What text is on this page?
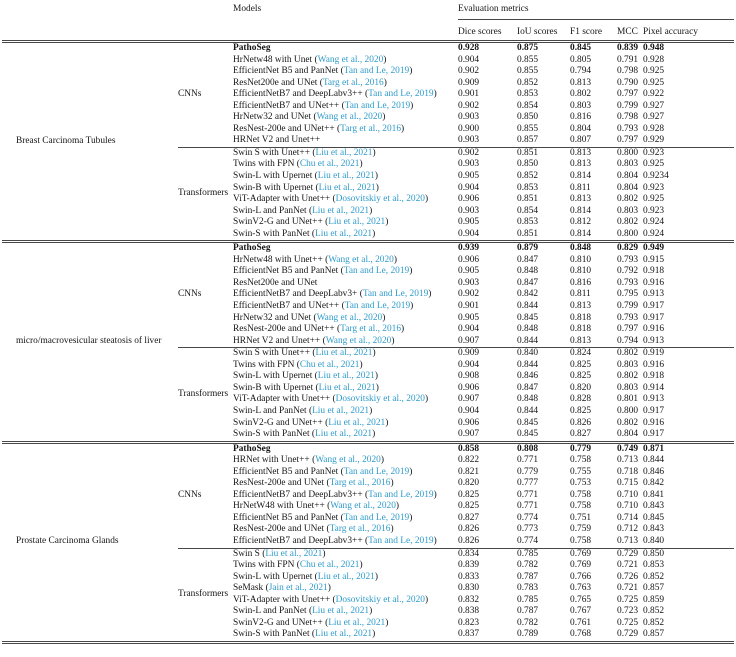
		Models	Evaluation metrics				
			Dice scores	IoU scores	F1 score	MCC	Pixel accuracy
Breast Carcinoma Tubules	CNNs	PathoSeg	0.928	0.875	0.845	0.839	0.948
		HrNetw48 with Unet (Wang et al., 2020)	0.904	0.855	0.805	0.791	0.928
		EfficientNet B5 and PanNet (Tan and Le, 2019)	0.902	0.855	0.794	0.798	0.925
		ResNet200e and UNet (Targ et al., 2016)	0.909	0.852	0.813	0.790	0.925
		EfficientNetB7 and DeepLabv3++ (Tan and Le, 2019)	0.901	0.853	0.802	0.797	0.922
		EfficientNetB7 and UNet++ (Tan and Le, 2019)	0.902	0.854	0.803	0.799	0.927
		HrNetw32 and UNet (Wang et al., 2020)	0.903	0.850	0.816	0.798	0.927
		ResNest-200e and UNet++ (Targ et al., 2016)	0.900	0.855	0.804	0.793	0.928
		HRNet V2 and Unet++	0.903	0.857	0.807	0.797	0.929
	Transformers	Swin S with Unet++ (Liu et al., 2021)	0.902	0.851	0.813	0.800	0.923
		Twins with FPN (Chu et al., 2021)	0.903	0.850	0.813	0.803	0.925
		Swin-L with Upernet (Liu et al., 2021)	0.905	0.852	0.814	0.804	0.9234
		Swin-B with Upernet (Liu et al., 2021)	0.904	0.853	0.811	0.804	0.923
		ViT-Adapter with Unet++ (Dosovitskiy et al., 2020)	0.906	0.851	0.813	0.802	0.925
		Swin-L and PanNet (Liu et al., 2021)	0.903	0.854	0.814	0.803	0.923
		SwinV2-G and UNet++ (Liu et al., 2021)	0.905	0.853	0.812	0.802	0.924
		Swin-S with PanNet (Liu et al., 2021)	0.904	0.851	0.814	0.800	0.924
micro/macrovesicular steatosis of liver	CNNs	PathoSeg	0.939	0.879	0.848	0.829	0.949
		HrNetw48 with Unet++ (Wang et al., 2020)	0.906	0.847	0.810	0.793	0.915
		EfficientNet B5 and PanNet (Tan and Le, 2019)	0.905	0.848	0.810	0.792	0.918
		ResNet200e and UNet	0.903	0.847	0.816	0.793	0.916
		EfficientNetB7 and DeepLabv3+ (Tan and Le, 2019)	0.902	0.842	0.811	0.795	0.913
		EfficientNetB7 and UNet++ (Tan and Le, 2019)	0.901	0.844	0.813	0.799	0.917
		HrNetw32 and UNet (Wang et al., 2020)	0.905	0.845	0.818	0.793	0.917
		ResNest-200e and UNet++ (Targ et al., 2016)	0.904	0.848	0.818	0.797	0.916
		HRNet V2 and Unet++ (Wang et al., 2020)	0.907	0.844	0.813	0.794	0.913
	Transformers	Swin S with Unet++ (Liu et al., 2021)	0.909	0.840	0.824	0.802	0.919
		Twins with FPN (Chu et al., 2021)	0.904	0.844	0.825	0.803	0.916
		Swin-L with Upernet (Liu et al., 2021)	0.908	0.846	0.825	0.802	0.918
		Swin-B with Upernet (Liu et al., 2021)	0.906	0.847	0.820	0.803	0.914
		ViT-Adapter with Unet++ (Dosovitskiy et al., 2020)	0.907	0.848	0.828	0.801	0.913
		Swin-L and PanNet (Liu et al., 2021)	0.904	0.844	0.825	0.800	0.917
		SwinV2-G and UNet++ (Liu et al., 2021)	0.906	0.845	0.826	0.802	0.916
		Swin-S with PanNet (Liu et al., 2021)	0.907	0.845	0.827	0.804	0.917
Prostate Carcinoma Glands	CNNs	PathoSeg	0.858	0.808	0.779	0.749	0.871
		HRNet with Unet++ (Wang et al., 2020)	0.822	0.771	0.758	0.713	0.844
		EfficientNet B5 and PanNet (Tan and Le, 2019)	0.821	0.779	0.755	0.718	0.846
		ResNest-200e and UNet (Targ et al., 2016)	0.820	0.777	0.753	0.715	0.842
		EfficientNetB7 and DeepLabv3++ (Tan and Le, 2019)	0.825	0.771	0.758	0.710	0.841
		HrNetW48 with Unet++ (Wang et al., 2020)	0.825	0.771	0.758	0.710	0.843
		EfficientNet B5 and PanNet (Tan and Le, 2019)	0.827	0.774	0.751	0.714	0.845
		ResNest-200e and UNet (Targ et al., 2016)	0.826	0.773	0.759	0.712	0.843
		EfficientNetB7 and DeepLabv3++ (Tan and Le, 2019)	0.826	0.774	0.758	0.713	0.840
	Transformers	Swin S (Liu et al., 2021)	0.834	0.785	0.769	0.729	0.850
		Twins with FPN (Chu et al., 2021)	0.839	0.782	0.769	0.721	0.853
		Swin-L with Upernet (Liu et al., 2021)	0.833	0.787	0.766	0.726	0.852
		SeMask (Jain et al., 2021)	0.830	0.783	0.763	0.721	0.857
		ViT-Adapter with Unet++ (Dosovitskiy et al., 2020)	0.832	0.785	0.765	0.725	0.859
		Swin-L and PanNet (Liu et al., 2021)	0.838	0.787	0.767	0.723	0.852
		SwinV2-G and UNet++ (Liu et al., 2021)	0.823	0.782	0.761	0.725	0.852
		Swin-S with PanNet (Liu et al., 2021)	0.837	0.789	0.768	0.729	0.857
